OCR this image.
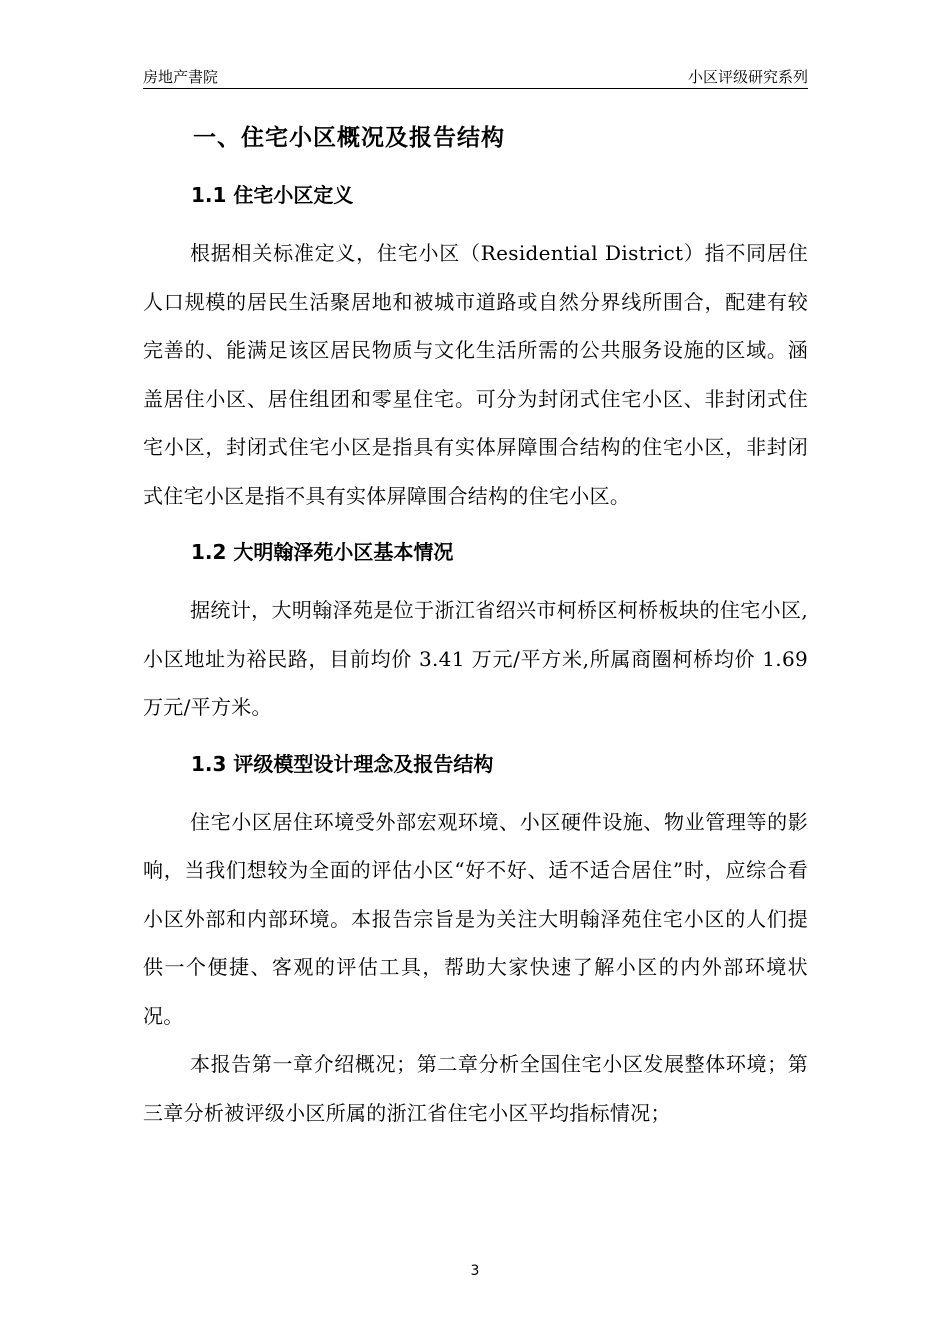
房地产書院	小区评级研究系列
一、住宅小区概况及报告结构
1.1 住宅小区定义

根据相关标准定义，住宅小区（Residential District）指不同居住人口规模的居民生活聚居地和被城市道路或自然分界线所围合，配建有较完善的、能满足该区居民物质与文化生活所需的公共服务设施的区域。涵盖居住小区、居住组团和零星住宅。可分为封闭式住宅小区、非封闭式住宅小区，封闭式住宅小区是指具有实体屏障围合结构的住宅小区，非封闭式住宅小区是指不具有实体屏障围合结构的住宅小区。

1.2 大明翰泽苑小区基本情况

据统计，大明翰泽苑是位于浙江省绍兴市柯桥区柯桥板块的住宅小区,小区地址为裕民路，目前均价 3.41 万元/平方米,所属商圈柯桥均价 1.69 万元/平方米。

1.3 评级模型设计理念及报告结构

住宅小区居住环境受外部宏观环境、小区硬件设施、物业管理等的影响，当我们想较为全面的评估小区“好不好、适不适合居住”时，应综合看小区外部和内部环境。本报告宗旨是为关注大明翰泽苑住宅小区的人们提供一个便捷、客观的评估工具，帮助大家快速了解小区的内外部环境状况。

本报告第一章介绍概况；第二章分析全国住宅小区发展整体环境；第三章分析被评级小区所属的浙江省住宅小区平均指标情况；

3
